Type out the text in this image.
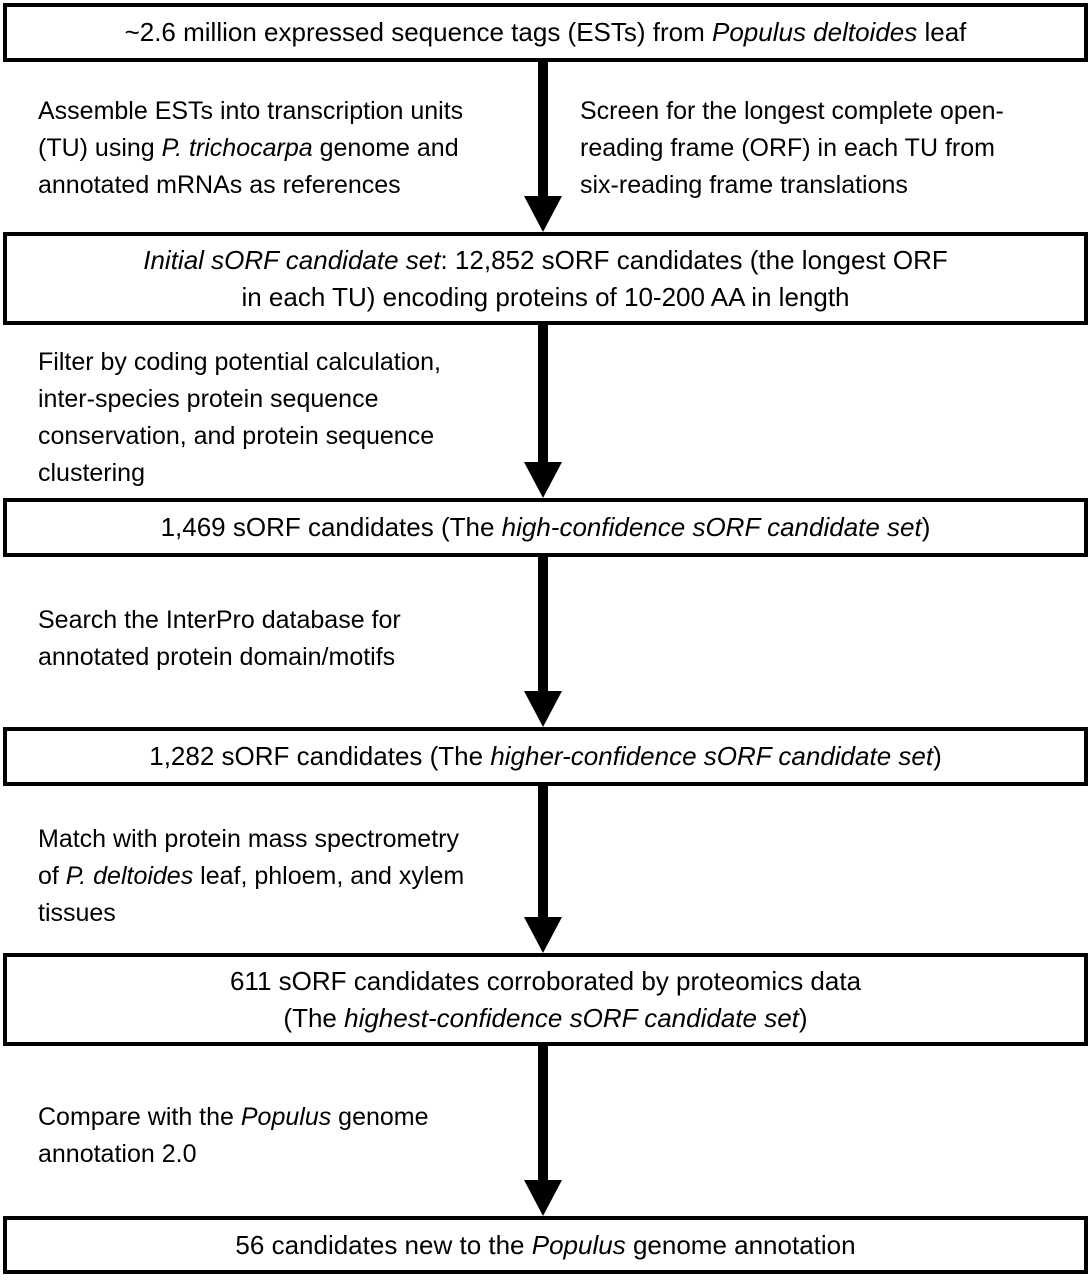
~2.6 million expressed sequence tags (ESTs) from Populus deltoides leaf
Assemble ESTs into transcription units
(TU) using P. trichocarpa genome and
annotated mRNAs as references
Screen for the longest complete open-
reading frame (ORF) in each TU from
six-reading frame translations
Initial sORF candidate set: 12,852 sORF candidates (the longest ORF
in each TU) encoding proteins of 10-200 AA in length
Filter by coding potential calculation,
inter-species protein sequence
conservation, and protein sequence
clustering
1,469 sORF candidates (The high-confidence sORF candidate set)
Search the InterPro database for
annotated protein domain/motifs
1,282 sORF candidates (The higher-confidence sORF candidate set)
Match with protein mass spectrometry
of P. deltoides leaf, phloem, and xylem
tissues
611 sORF candidates corroborated by proteomics data
(The highest-confidence sORF candidate set)
Compare with the Populus genome
annotation 2.0
56 candidates new to the Populus genome annotation
